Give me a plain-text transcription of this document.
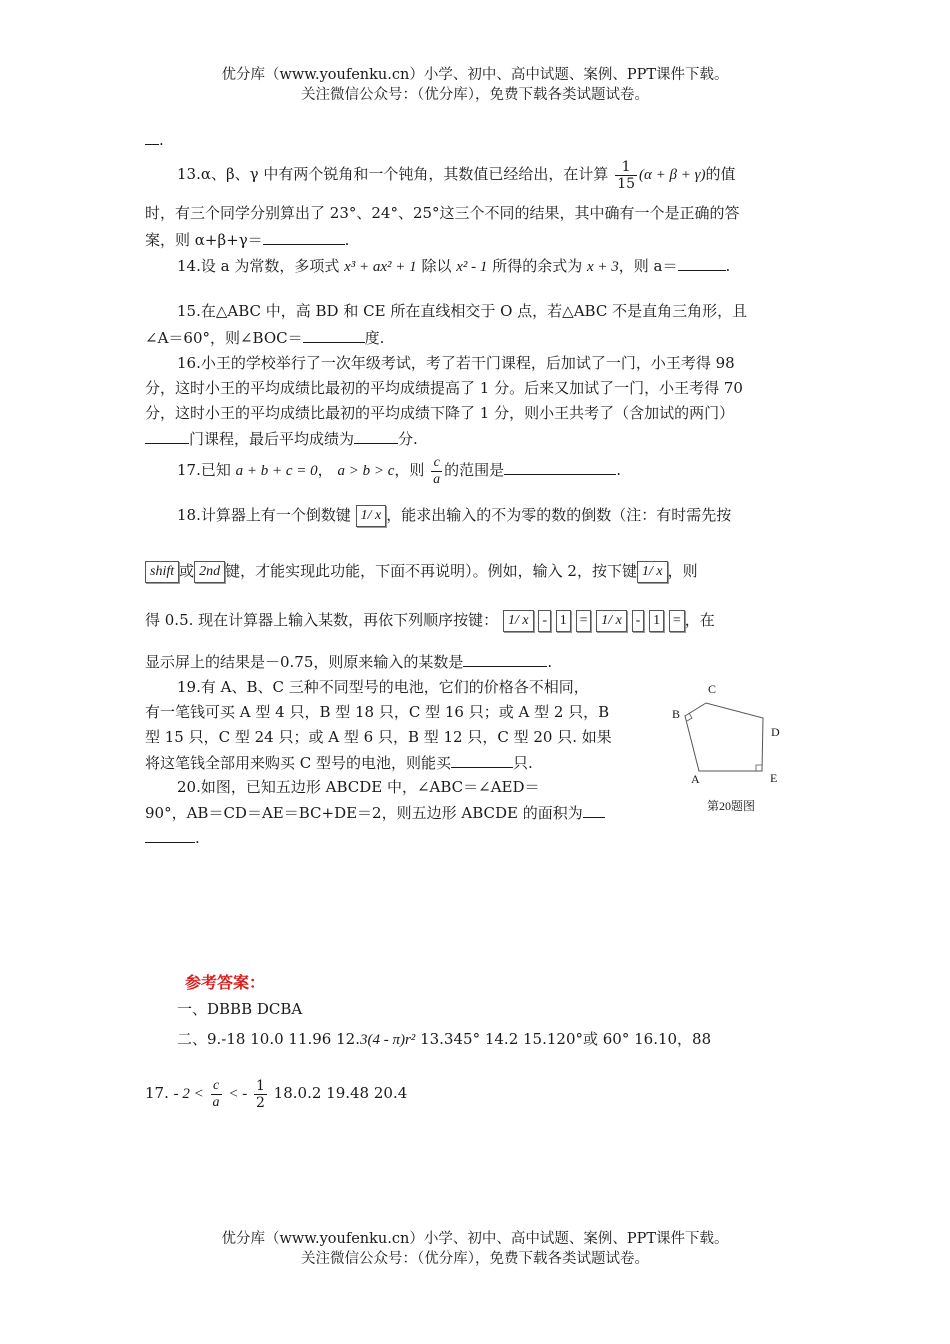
优分库（www.youfenku.cn）小学、初中、高中试题、案例、PPT课件下载。
关注微信公众号：（优分库），免费下载各类试题试卷。
.
13.α、β、γ 中有两个锐角和一个钝角，其数值已经给出，在计算 $\frac{1}{15} (\alpha + \beta + \gamma)$的值
时，有三个同学分别算出了 23°、24°、25°这三个不同的结果，其中确有一个是正确的答
案，则 α+β+γ＝	.
14.设 a 为常数，多项式 x³ + ax² + 1 除以 x² - 1 所得的余式为 x + 3，则 a＝	.
15.在△ABC 中，高 BD 和 CE 所在直线相交于 O 点，若△ABC 不是直角三角形，且
∠A＝60°，则∠BOC＝	度.
16.小王的学校举行了一次年级考试，考了若干门课程，后加试了一门，小王考得 98
分，这时小王的平均成绩比最初的平均成绩提高了 1 分。后来又加试了一门，小王考得 70
分，这时小王的平均成绩比最初的平均成绩下降了 1 分，则小王共考了（含加试的两门）
门课程，最后平均成绩为	分.
17.已知 a + b + c = 0， a > b > c，则 $\frac{c}{a}$ 的范围是	.
18.计算器上有一个倒数键 1/ x ，能求出输入的不为零的数的倒数（注：有时需先按
shift 或 2nd 键，才能实现此功能，下面不再说明）。例如，输入 2，按下键 1/ x ，则
得 0.5. 现在计算器上输入某数，再依下列顺序按键： 1/ x - 1 = 1/ x - 1 = ，在
显示屏上的结果是－0.75，则原来输入的某数是	.
19.有 A、B、C 三种不同型号的电池，它们的价格各不相同，
有一笔钱可买 A 型 4 只，B 型 18 只，C 型 16 只；或 A 型 2 只，B
型 15 只，C 型 24 只；或 A 型 6 只，B 型 12 只，C 型 20 只. 如果
将这笔钱全部用来购买 C 型号的电池，则能买	只.
20.如图，已知五边形 ABCDE 中，∠ABC＝∠AED＝
90°，AB＝CD＝AE＝BC+DE＝2，则五边形 ABCDE 的面积为
.
A
B
C
D
E
第20题图
参考答案：
一、DBBB DCBA
二、9.-18 10.0 11.96 12.3(4 - π)r² 13.345° 14.2 15.120°或 60° 16.10，88
17. - $2 < \frac{c}{a}$ < - $\frac{1}{2} 18.0.2$ 19.48 20.4
优分库（www.youfenku.cn）小学、初中、高中试题、案例、PPT课件下载。
关注微信公众号：（优分库），免费下载各类试题试卷。
